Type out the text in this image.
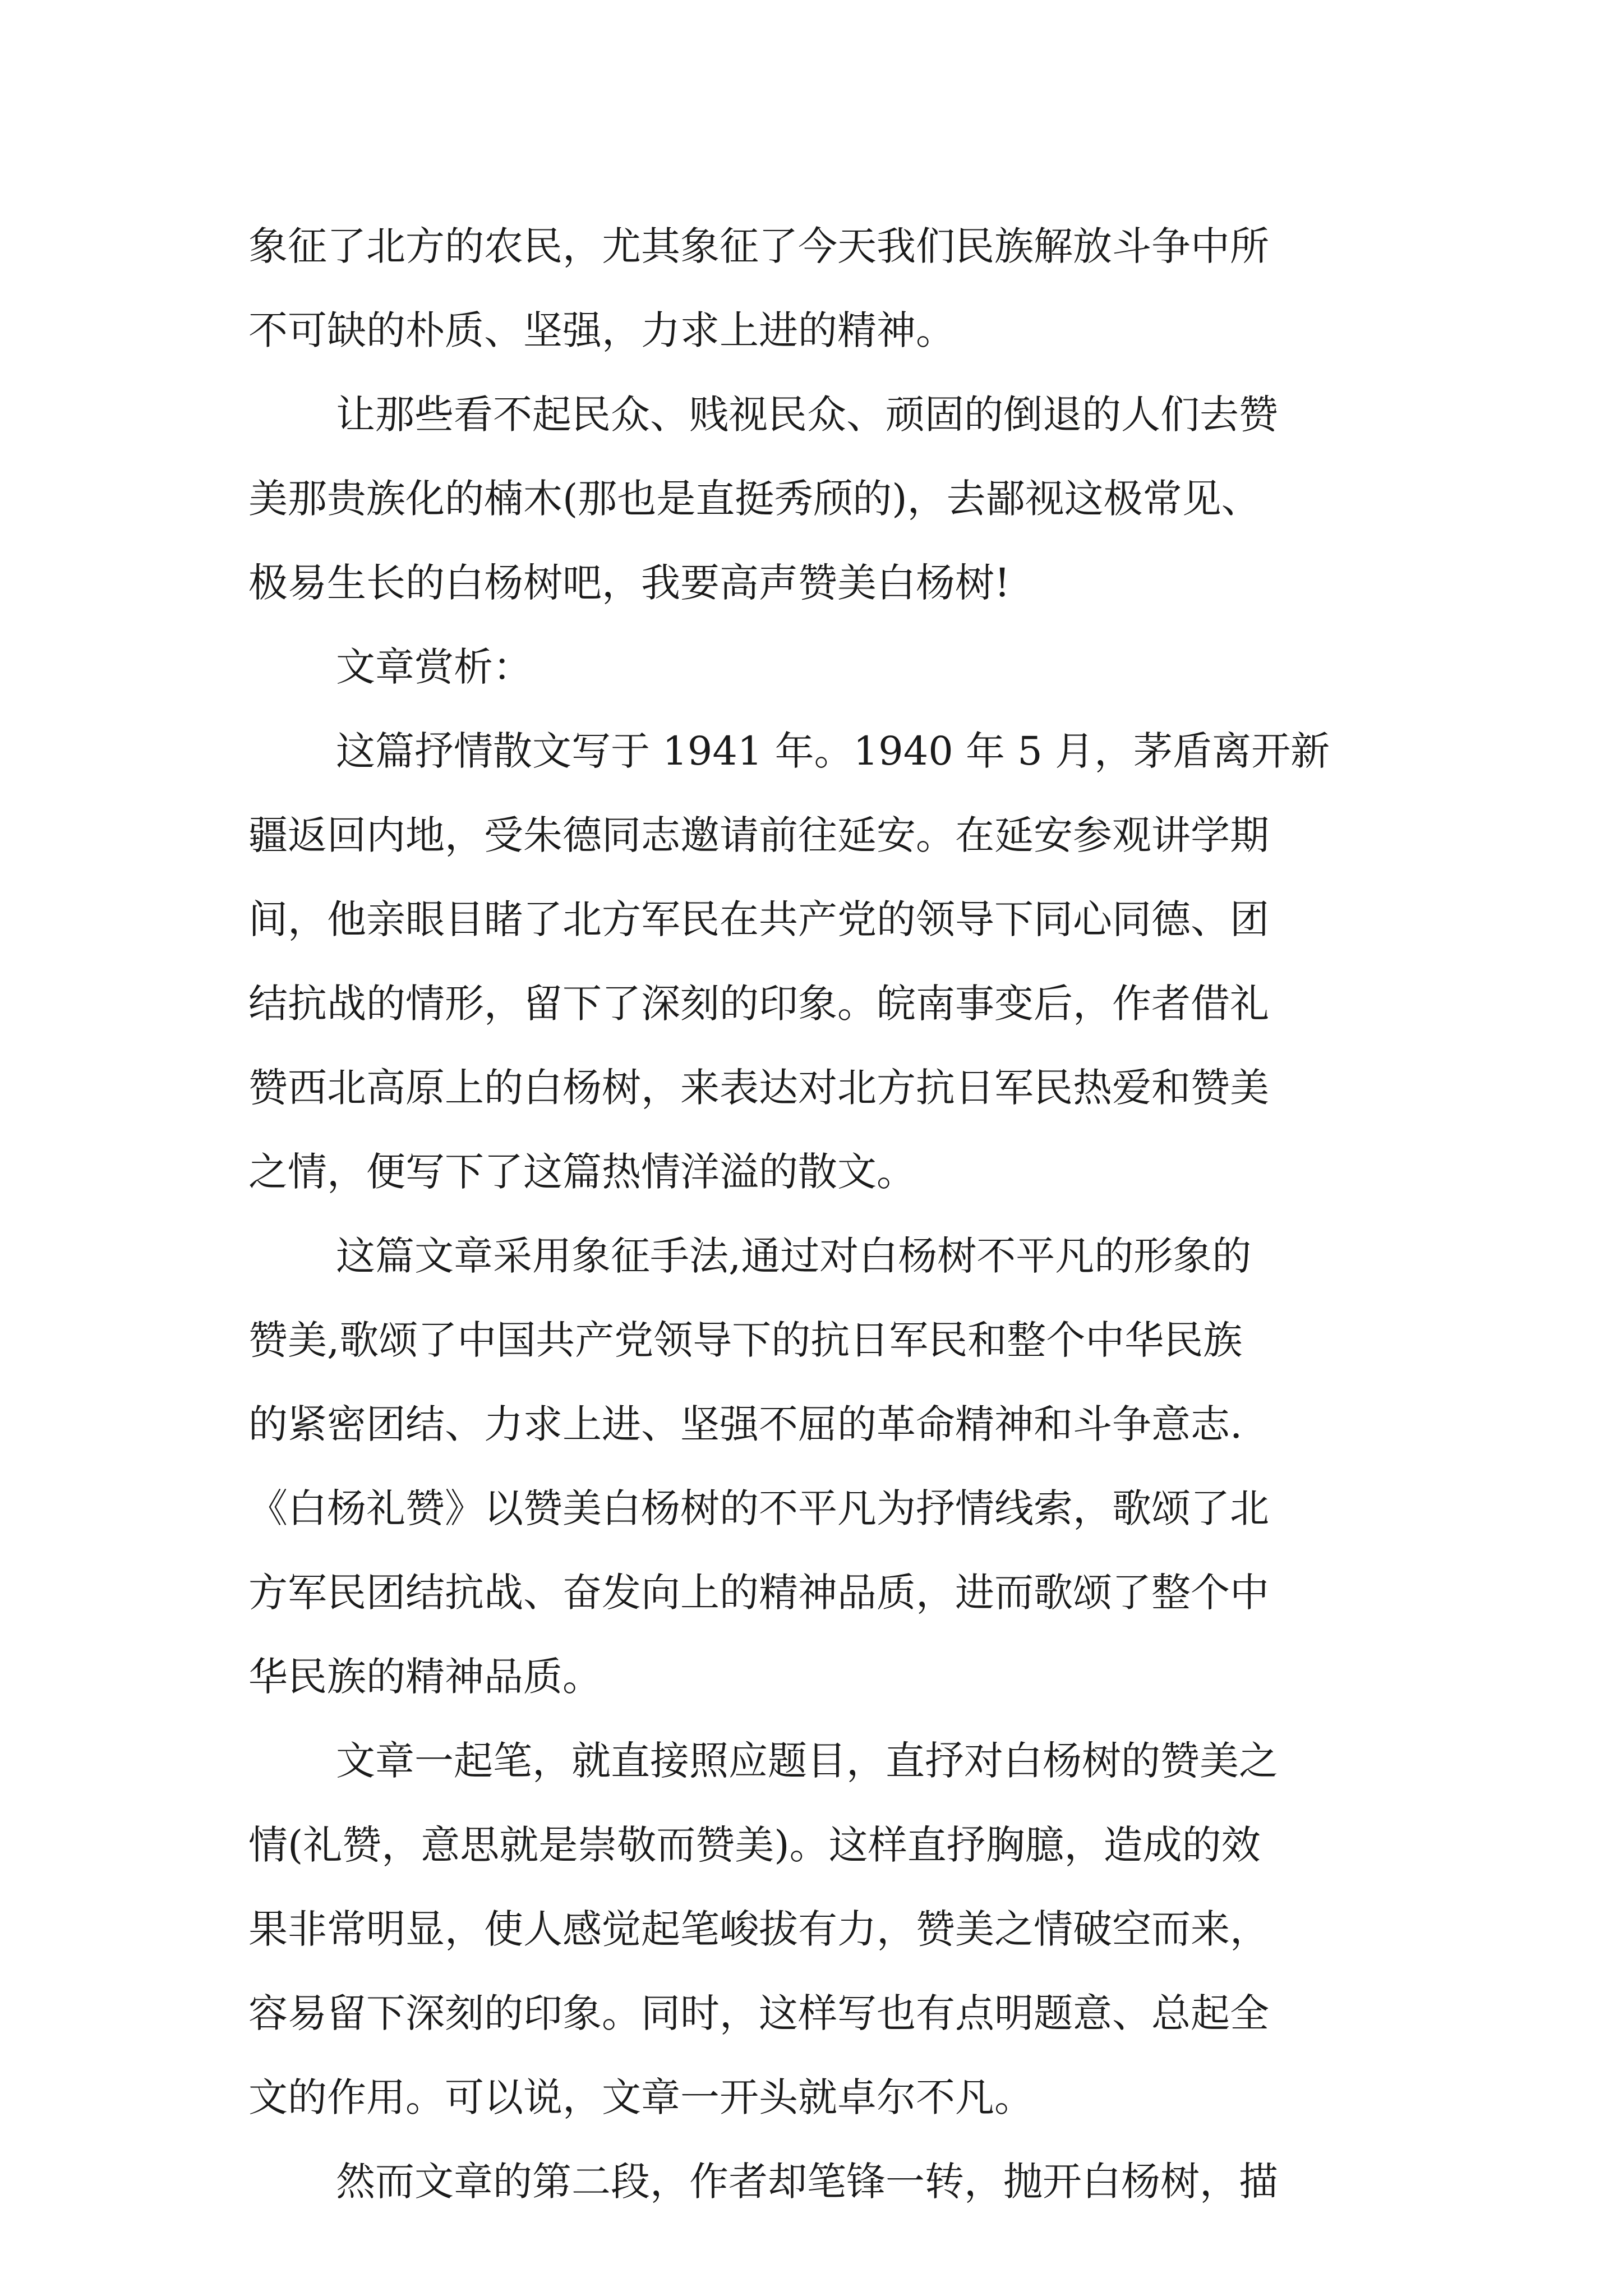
象征了北方的农民，尤其象征了今天我们民族解放斗争中所
不可缺的朴质、坚强，力求上进的精神。
让那些看不起民众、贱视民众、顽固的倒退的人们去赞
美那贵族化的楠木(那也是直挺秀颀的)，去鄙视这极常见、
极易生长的白杨树吧，我要高声赞美白杨树!
文章赏析：
这篇抒情散文写于 1941 年。1940 年 5 月，茅盾离开新
疆返回内地，受朱德同志邀请前往延安。在延安参观讲学期
间，他亲眼目睹了北方军民在共产党的领导下同心同德、团
结抗战的情形，留下了深刻的印象。皖南事变后，作者借礼
赞西北高原上的白杨树，来表达对北方抗日军民热爱和赞美
之情，便写下了这篇热情洋溢的散文。
这篇文章采用象征手法,通过对白杨树不平凡的形象的
赞美,歌颂了中国共产党领导下的抗日军民和整个中华民族
的紧密团结、力求上进、坚强不屈的革命精神和斗争意志.
《白杨礼赞》以赞美白杨树的不平凡为抒情线索，歌颂了北
方军民团结抗战、奋发向上的精神品质，进而歌颂了整个中
华民族的精神品质。
文章一起笔，就直接照应题目，直抒对白杨树的赞美之
情(礼赞，意思就是崇敬而赞美)。这样直抒胸臆，造成的效
果非常明显，使人感觉起笔峻拔有力，赞美之情破空而来，
容易留下深刻的印象。同时，这样写也有点明题意、总起全
文的作用。可以说，文章一开头就卓尔不凡。
然而文章的第二段，作者却笔锋一转，抛开白杨树，描
